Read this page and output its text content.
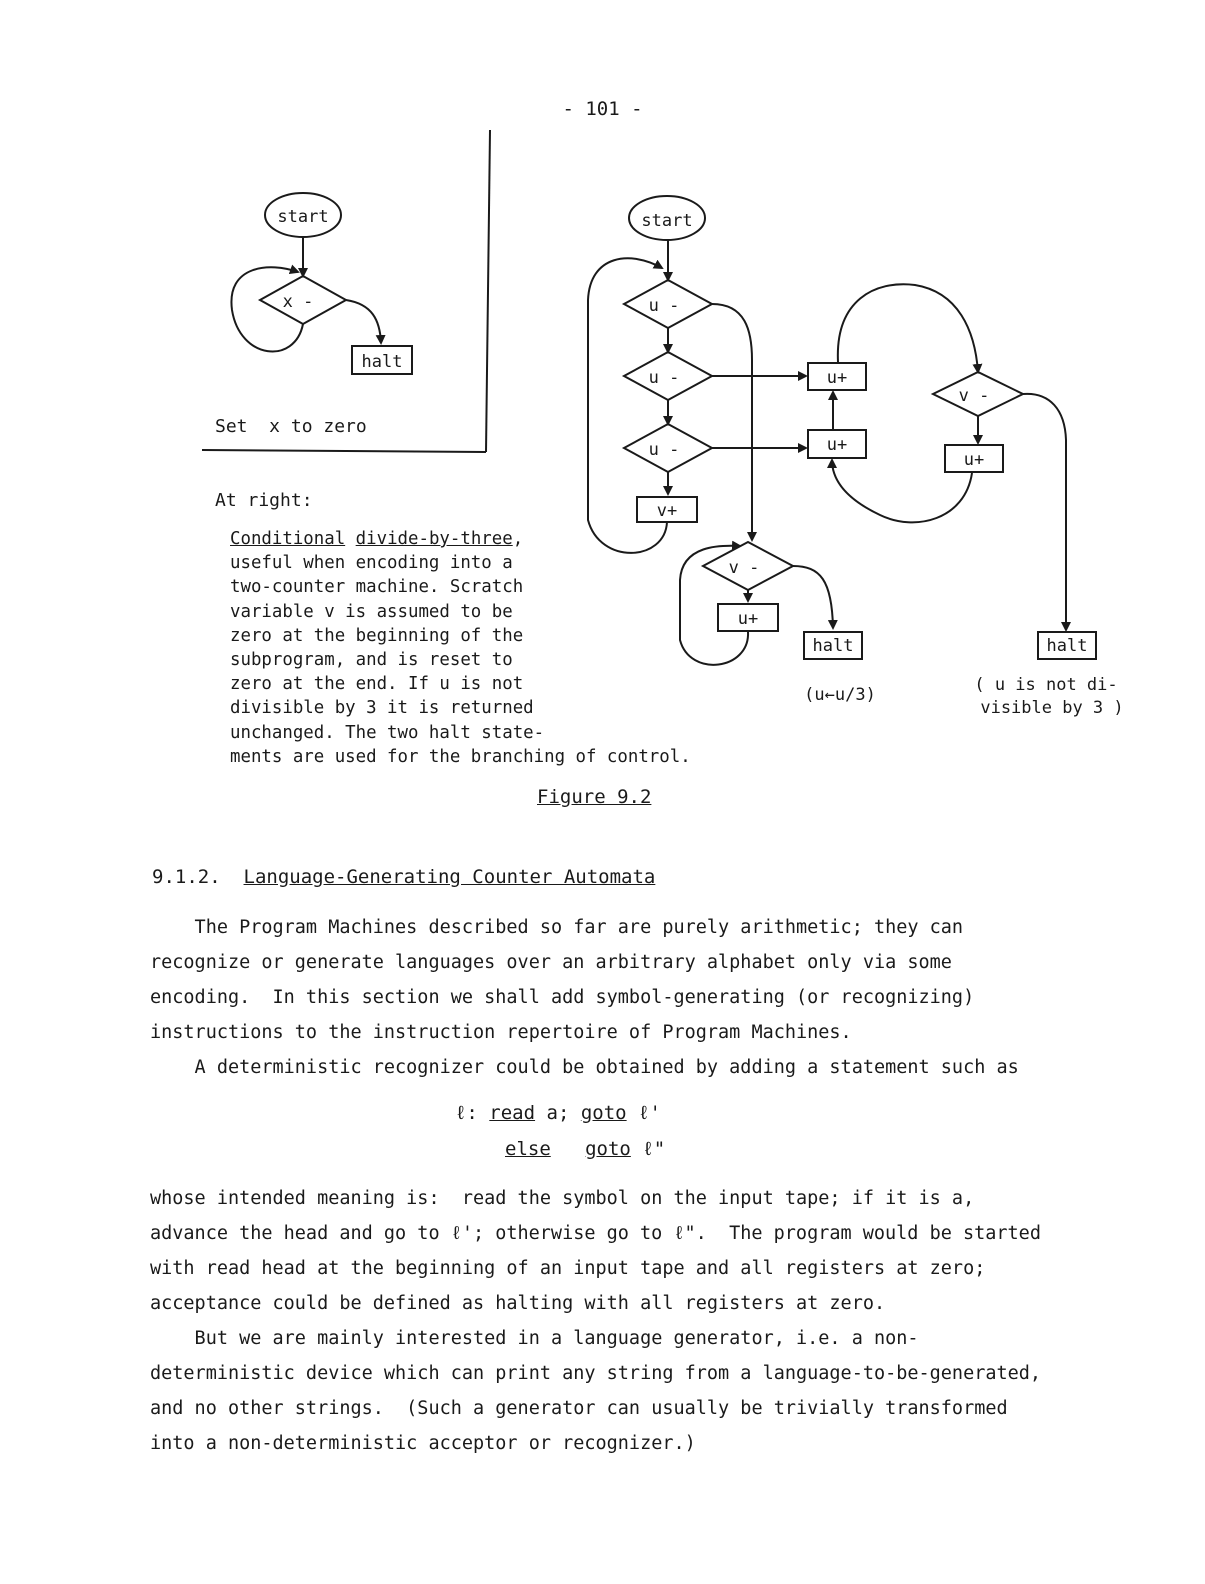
- 101 -
start
x -
halt
start
u -
u -
u -
v+
u+
u+
v -
u+
v -
u+
halt	halt
(u←u/3)	( u is not di-
visible by 3 )
Set  x to zero
At right:
Conditional divide-by-three,
useful when encoding into a
two-counter machine. Scratch
variable v is assumed to be
zero at the beginning of the
subprogram, and is reset to
zero at the end. If u is not
divisible by 3 it is returned
unchanged. The two halt state-
ments are used for the branching of control.
Figure 9.2
9.1.2. Language-Generating Counter Automata
The Program Machines described so far are purely arithmetic; they can
recognize or generate languages over an arbitrary alphabet only via some
encoding.  In this section we shall add symbol-generating (or recognizing)
instructions to the instruction repertoire of Program Machines.
A deterministic recognizer could be obtained by adding a statement such as
ℓ: read a; goto ℓ'
else goto ℓ"
whose intended meaning is:  read the symbol on the input tape; if it is a,
advance the head and go to ℓ'; otherwise go to ℓ".  The program would be started
with read head at the beginning of an input tape and all registers at zero;
acceptance could be defined as halting with all registers at zero.
But we are mainly interested in a language generator, i.e. a non-
deterministic device which can print any string from a language-to-be-generated,
and no other strings.  (Such a generator can usually be trivially transformed
into a non-deterministic acceptor or recognizer.)
